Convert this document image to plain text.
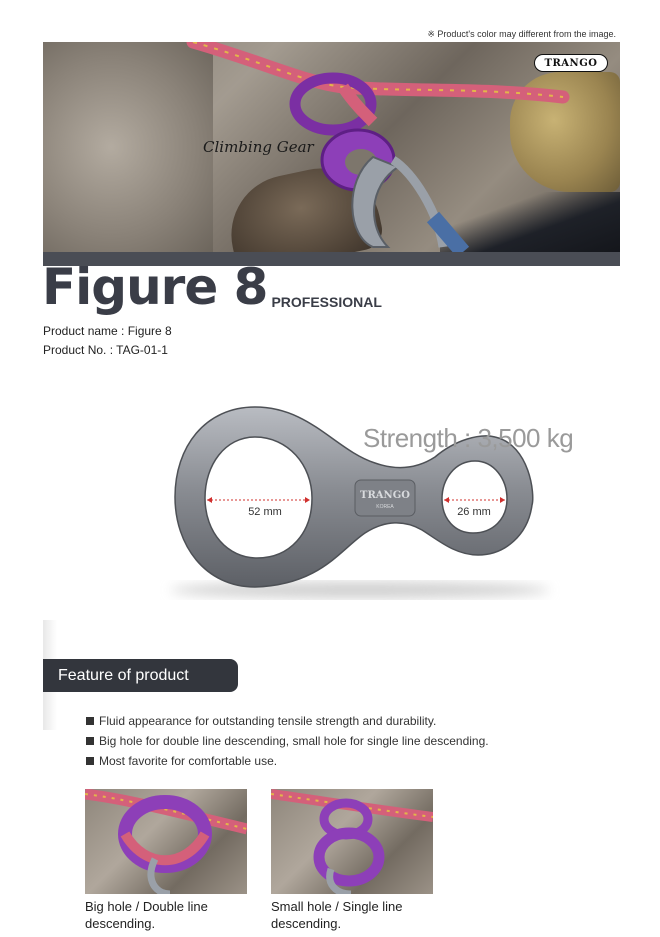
※ Product's color may different from the image.
Climbing Gear
TRANGO
Figure 8 PROFESSIONAL
Product name : Figure 8
Product No. : TAG-01-1
TRANGO
KOREA
52 mm	26 mm
Strength : 3,500 kg
Feature of product
Fluid appearance for outstanding tensile strength and durability.
Big hole for double line descending, small hole for single line descending.
Most favorite for comfortable use.
Big hole / Double line descending.
Small hole / Single line descending.
